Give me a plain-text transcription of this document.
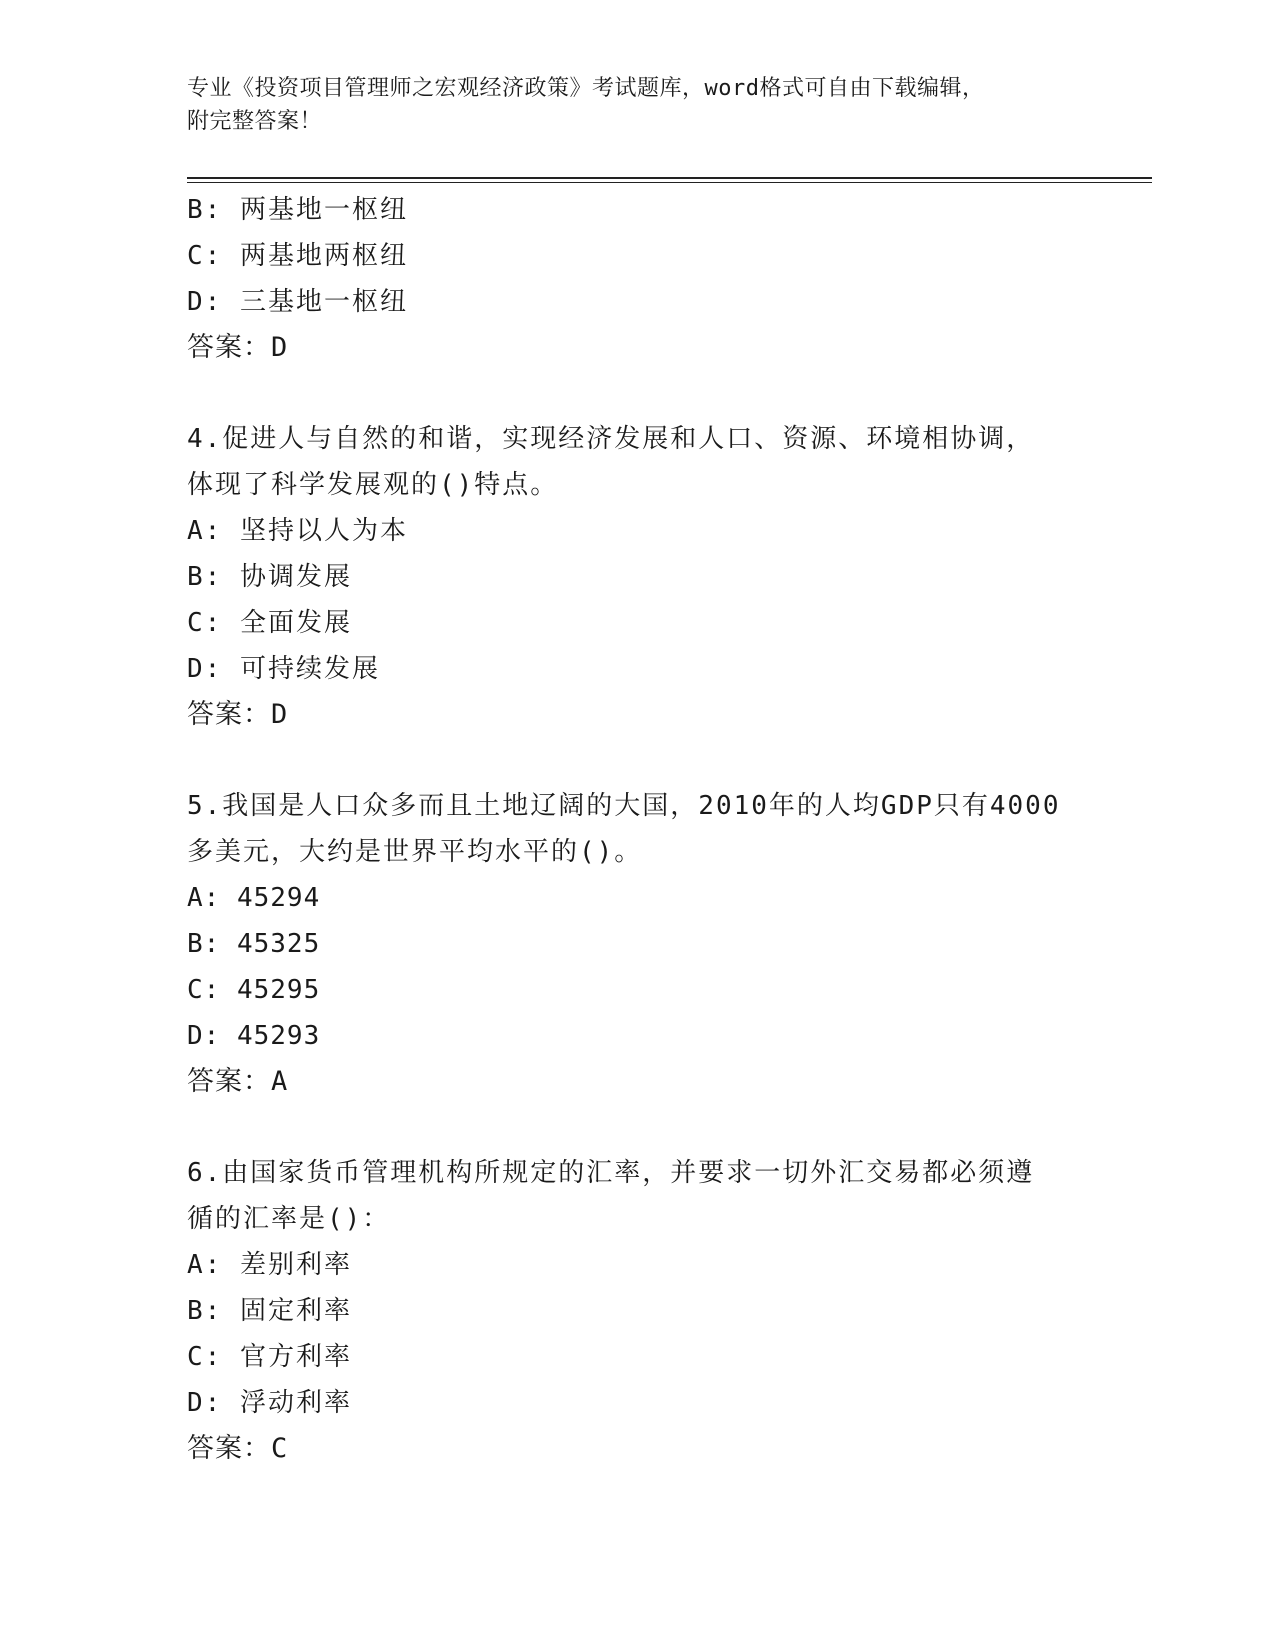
专业《投资项目管理师之宏观经济政策》考试题库，word格式可自由下载编辑，
附完整答案！
B: 两基地一枢纽
C: 两基地两枢纽
D: 三基地一枢纽
答案：D
4.促进人与自然的和谐，实现经济发展和人口、资源、环境相协调，
体现了科学发展观的()特点。
A: 坚持以人为本
B: 协调发展
C: 全面发展
D: 可持续发展
答案：D
5.我国是人口众多而且土地辽阔的大国，2010年的人均GDP只有4000
多美元，大约是世界平均水平的()。
A: 45294
B: 45325
C: 45295
D: 45293
答案：A
6.由国家货币管理机构所规定的汇率，并要求一切外汇交易都必须遵
循的汇率是()：
A: 差别利率
B: 固定利率
C: 官方利率
D: 浮动利率
答案：C
